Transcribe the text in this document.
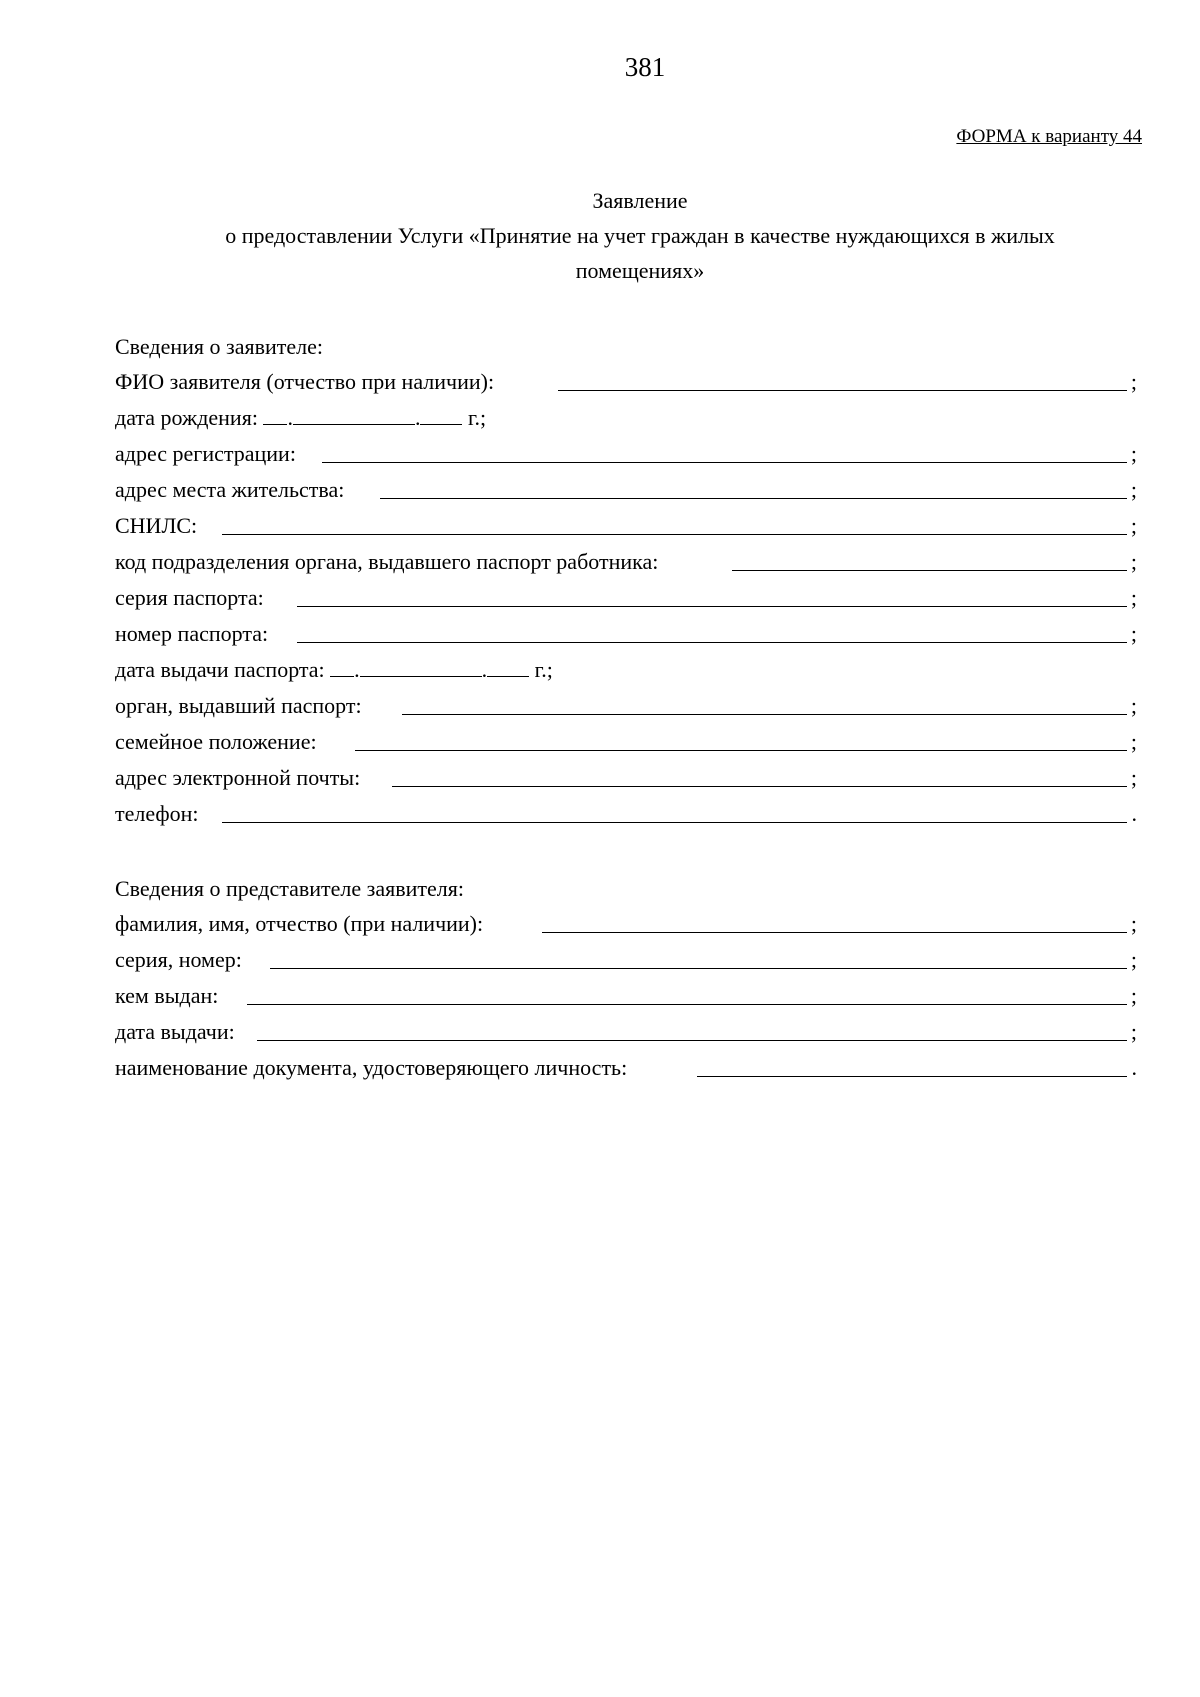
381
ФОРМА к варианту 44
Заявление
о предоставлении Услуги «Принятие на учет граждан в качестве нуждающихся в жилых
помещениях»
Сведения о заявителе:
ФИО заявителя (отчество при наличии):	;
дата рождения: .	. г.;
адрес регистрации:	;
адрес места жительства:	;
СНИЛС:	;
код подразделения органа, выдавшего паспорт работника:	;
серия паспорта:	;
номер паспорта:	;
дата выдачи паспорта: .	. г.;
орган, выдавший паспорт:	;
семейное положение:	;
адрес электронной почты:	;
телефон:	.
Сведения о представителе заявителя:
фамилия, имя, отчество (при наличии):	;
серия, номер:	;
кем выдан:	;
дата выдачи:	;
наименование документа, удостоверяющего личность:	.
